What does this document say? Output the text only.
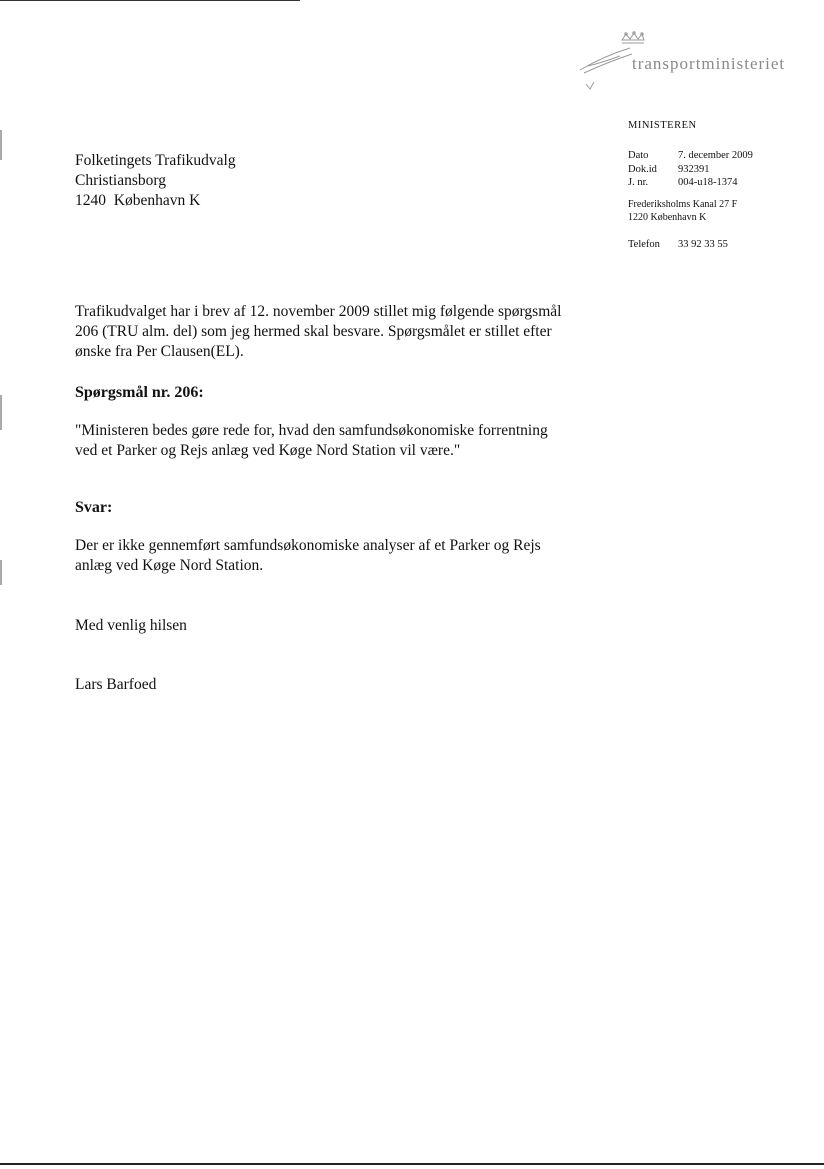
transportministeriet
MINISTEREN
Dato	7. december 2009
Dok.id 932391
J. nr.	004-u18-1374
Frederiksholms Kanal 27 F
1220 København K
Telefon 33 92 33 55
Folketingets Trafikudvalg
Christiansborg
1240  København K
Trafikudvalget har i brev af 12. november 2009 stillet mig følgende spørgsmål
206 (TRU alm. del) som jeg hermed skal besvare. Spørgsmålet er stillet efter
ønske fra Per Clausen(EL).
Spørgsmål nr. 206:
"Ministeren bedes gøre rede for, hvad den samfundsøkonomiske forrentning
ved et Parker og Rejs anlæg ved Køge Nord Station vil være."
Svar:
Der er ikke gennemført samfundsøkonomiske analyser af et Parker og Rejs
anlæg ved Køge Nord Station.
Med venlig hilsen
Lars Barfoed
